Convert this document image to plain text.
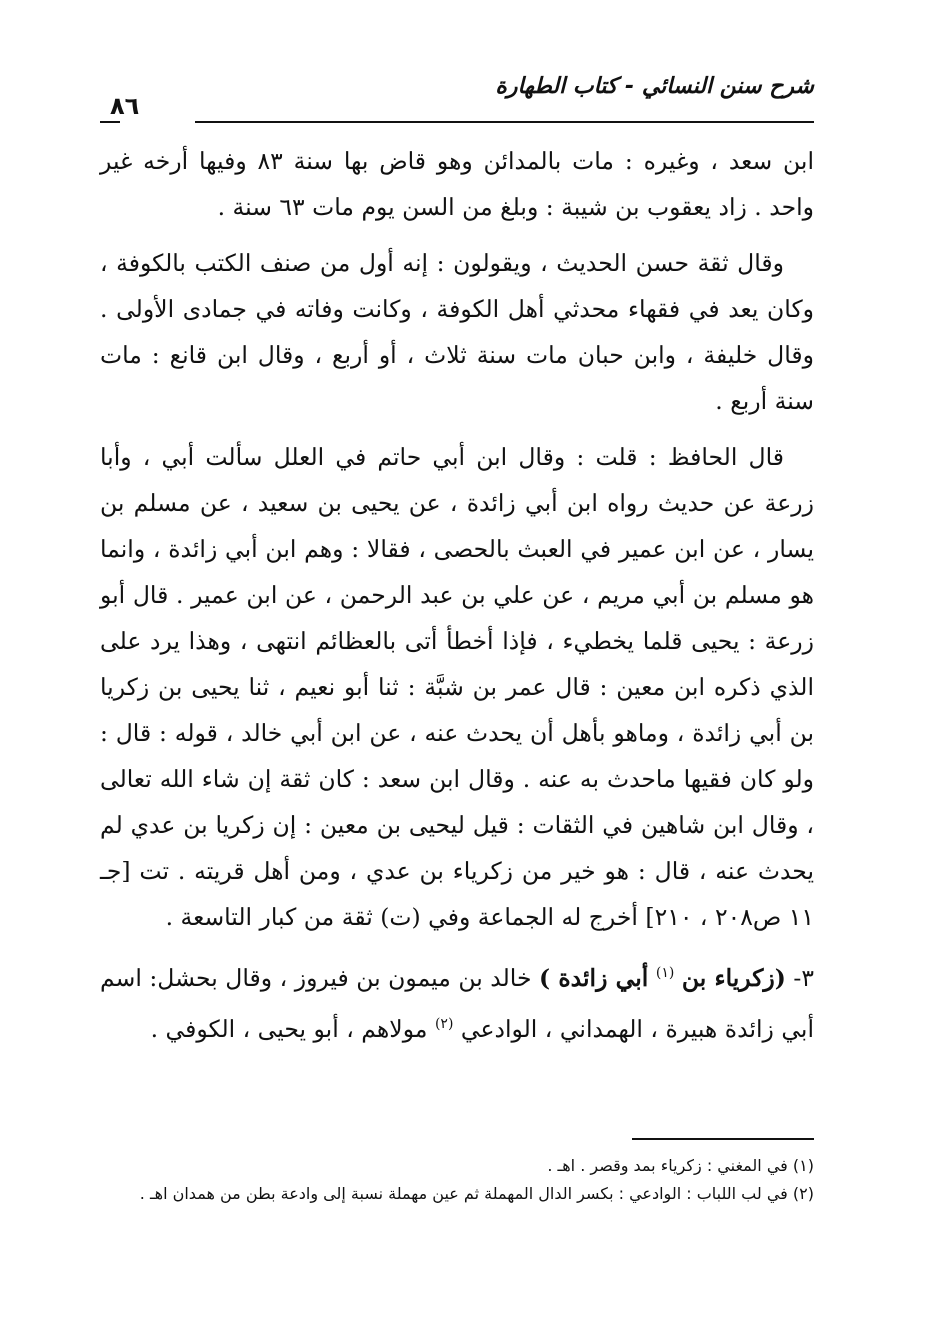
شرح سنن النسائي - كتاب الطهارة
٨٦

ابن سعد ، وغيره : مات بالمدائن وهو قاض بها سنة ٨٣ وفيها أرخه غير واحد . زاد يعقوب بن شيبة : وبلغ من السن يوم مات ٦٣ سنة .

وقال ثقة حسن الحديث ، ويقولون : إنه أول من صنف الكتب بالكوفة ، وكان يعد في فقهاء محدثي أهل الكوفة ، وكانت وفاته في جمادى الأولى . وقال خليفة ، وابن حبان مات سنة ثلاث ، أو أربع ، وقال ابن قانع : مات سنة أربع .

قال الحافظ : قلت : وقال ابن أبي حاتم في العلل سألت أبي ، وأبا زرعة عن حديث رواه ابن أبي زائدة ، عن يحيى بن سعيد ، عن مسلم بن يسار ، عن ابن عمير في العبث بالحصى ، فقالا : وهم ابن أبي زائدة ، وانما هو مسلم بن أبي مريم ، عن علي بن عبد الرحمن ، عن ابن عمير . قال أبو زرعة : يحيى قلما يخطيء ، فإذا أخطأ أتى بالعظائم انتهى ، وهذا يرد على الذي ذكره ابن معين : قال عمر بن شبَّة : ثنا أبو نعيم ، ثنا يحيى بن زكريا بن أبي زائدة ، وماهو بأهل أن يحدث عنه ، عن ابن أبي خالد ، قوله : قال : ولو كان فقيها ماحدث به عنه . وقال ابن سعد : كان ثقة إن شاء الله تعالى ، وقال ابن شاهين في الثقات : قيل ليحيى بن معين : إن زكريا بن عدي لم يحدث عنه ، قال : هو خير من زكرياء بن عدي ، ومن أهل قريته . تت [جـ ١١ ص٢٠٨ ، ٢١٠] أخرج له الجماعة وفي (ت) ثقة من كبار التاسعة .

٣- (زكرياء بن $^{(١)}$ أبي زائدة ) خالد بن ميمون بن فيروز ، وقال بحشل: اسم أبي زائدة هبيرة ، الهمداني ، الوادعي $^{(٢)}$ مولاهم ، أبو يحيى ، الكوفي .

(١) في المغني : زكرياء بمد وقصر . اهـ .

(٢) في لب اللباب : الوادعي : بكسر الدال المهملة ثم عين مهملة نسبة إلى وادعة بطن من همدان اهـ .
